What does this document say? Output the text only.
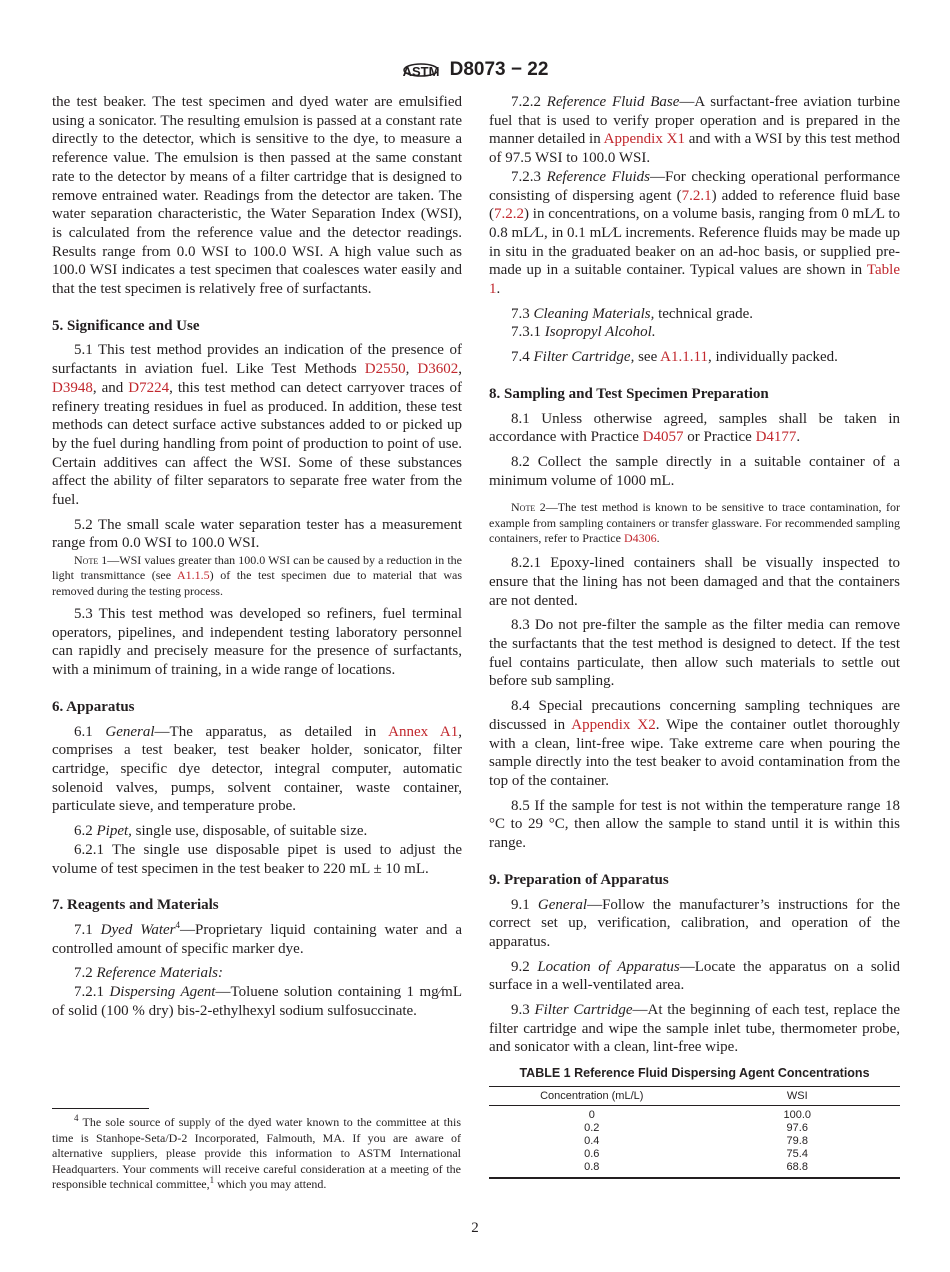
ASTM D8073 − 22

the test beaker. The test specimen and dyed water are emulsified using a sonicator. The resulting emulsion is passed at a constant rate directly to the detector, which is sensitive to the dye, to measure a reference value. The emulsion is then passed at the same constant rate to the detector by means of a filter cartridge that is designed to remove entrained water. Readings from the detector are taken. The water separation characteristic, the Water Separation Index (WSI), is calculated from the reference value and the detector readings. Results range from 0.0 WSI to 100.0 WSI. A high value such as 100.0 WSI indicates a test specimen that coalesces water easily and that the test specimen is relatively free of surfactants.

5. Significance and Use

5.1 This test method provides an indication of the presence of surfactants in aviation fuel. Like Test Methods D2550, D3602, D3948, and D7224, this test method can detect carryover traces of refinery treating residues in fuel as produced. In addition, these test methods can detect surface active substances added to or picked up by the fuel during handling from point of production to point of use. Certain additives can affect the WSI. Some of these substances affect the ability of filter separators to separate free water from the fuel.

5.2 The small scale water separation tester has a measurement range from 0.0 WSI to 100.0 WSI.

Note 1—WSI values greater than 100.0 WSI can be caused by a reduction in the light transmittance (see A1.1.5) of the test specimen due to material that was removed during the testing process.

5.3 This test method was developed so refiners, fuel terminal operators, pipelines, and independent testing laboratory personnel can rapidly and precisely measure for the presence of surfactants, with a minimum of training, in a wide range of locations.

6. Apparatus

6.1 General—The apparatus, as detailed in Annex A1, comprises a test beaker, test beaker holder, sonicator, filter cartridge, specific dye detector, integral computer, automatic solenoid valves, pumps, solvent container, waste container, particulate sieve, and temperature probe.

6.2 Pipet, single use, disposable, of suitable size.

6.2.1 The single use disposable pipet is used to adjust the volume of test specimen in the test beaker to 220 mL ± 10 mL.

7. Reagents and Materials

7.1 Dyed Water$^4$—Proprietary liquid containing water and a controlled amount of specific marker dye.

7.2 Reference Materials:

7.2.1 Dispersing Agent—Toluene solution containing 1 mg⁄mL of solid (100 % dry) bis-2-ethylhexyl sodium sulfosuccinate.

7.2.2 Reference Fluid Base—A surfactant-free aviation turbine fuel that is used to verify proper operation and is prepared in the manner detailed in Appendix X1 and with a WSI by this test method of 97.5 WSI to 100.0 WSI.

7.2.3 Reference Fluids—For checking operational performance consisting of dispersing agent (7.2.1) added to reference fluid base (7.2.2) in concentrations, on a volume basis, ranging from 0 mL⁄L to 0.8 mL⁄L, in 0.1 mL⁄L increments. Reference fluids may be made up in situ in the graduated beaker on an ad-hoc basis, or supplied pre-made up in a suitable container. Typical values are shown in Table 1.

7.3 Cleaning Materials, technical grade.

7.3.1 Isopropyl Alcohol.

7.4 Filter Cartridge, see A1.1.11, individually packed.

8. Sampling and Test Specimen Preparation

8.1 Unless otherwise agreed, samples shall be taken in accordance with Practice D4057 or Practice D4177.

8.2 Collect the sample directly in a suitable container of a minimum volume of 1000 mL.

Note 2—The test method is known to be sensitive to trace contamination, for example from sampling containers or transfer glassware. For recommended sampling containers, refer to Practice D4306.

8.2.1 Epoxy-lined containers shall be visually inspected to ensure that the lining has not been damaged and that the containers are not dented.

8.3 Do not pre-filter the sample as the filter media can remove the surfactants that the test method is designed to detect. If the test fuel contains particulate, then allow such materials to settle out before sub sampling.

8.4 Special precautions concerning sampling techniques are discussed in Appendix X2. Wipe the container outlet thoroughly with a clean, lint-free wipe. Take extreme care when pouring the sample directly into the test beaker to avoid contamination from the top of the container.

8.5 If the sample for test is not within the temperature range 18 °C to 29 °C, then allow the sample to stand until it is within this range.

9. Preparation of Apparatus

9.1 General—Follow the manufacturer’s instructions for the correct set up, verification, calibration, and operation of the apparatus.

9.2 Location of Apparatus—Locate the apparatus on a solid surface in a well-ventilated area.

9.3 Filter Cartridge—At the beginning of each test, replace the filter cartridge and wipe the sample inlet tube, thermometer probe, and sonicator with a clean, lint-free wipe.

TABLE 1 Reference Fluid Dispersing Agent Concentrations
Concentration (mL/L)	WSI
0	100.0
0.2	97.6
0.4	79.8
0.6	75.4
0.8	68.8
$^4$ The sole source of supply of the dyed water known to the committee at this time is Stanhope-Seta/D-2 Incorporated, Falmouth, MA. If you are aware of alternative suppliers, please provide this information to ASTM International Headquarters. Your comments will receive careful consideration at a meeting of the responsible technical committee,$^1$ which you may attend.
2
